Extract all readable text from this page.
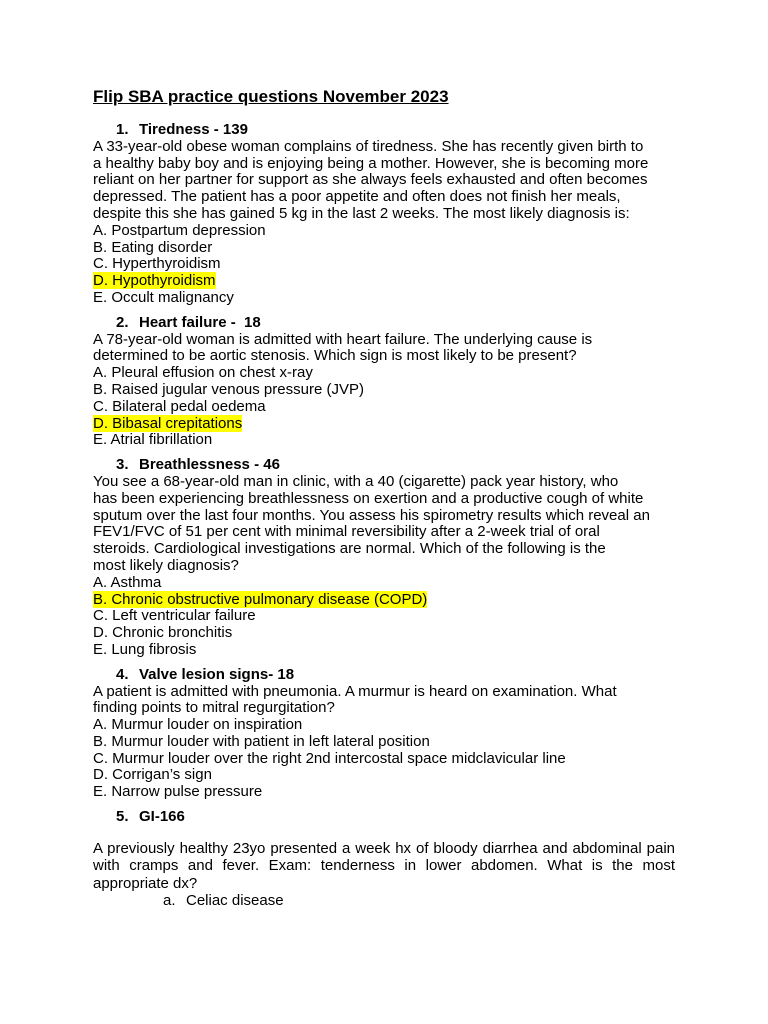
Flip SBA practice questions November 2023
1. Tiredness - 139
A 33-year-old obese woman complains of tiredness. She has recently given birth to
a healthy baby boy and is enjoying being a mother. However, she is becoming more
reliant on her partner for support as she always feels exhausted and often becomes
depressed. The patient has a poor appetite and often does not finish her meals,
despite this she has gained 5 kg in the last 2 weeks. The most likely diagnosis is:
A. Postpartum depression
B. Eating disorder
C. Hyperthyroidism
D. Hypothyroidism
E. Occult malignancy
2. Heart failure -  18
A 78-year-old woman is admitted with heart failure. The underlying cause is
determined to be aortic stenosis. Which sign is most likely to be present?
A. Pleural effusion on chest x-ray
B. Raised jugular venous pressure (JVP)
C. Bilateral pedal oedema
D. Bibasal crepitations
E. Atrial fibrillation
3. Breathlessness - 46
You see a 68-year-old man in clinic, with a 40 (cigarette) pack year history, who
has been experiencing breathlessness on exertion and a productive cough of white
sputum over the last four months. You assess his spirometry results which reveal an
FEV1/FVC of 51 per cent with minimal reversibility after a 2-week trial of oral
steroids. Cardiological investigations are normal. Which of the following is the
most likely diagnosis?
A. Asthma
B. Chronic obstructive pulmonary disease (COPD)
C. Left ventricular failure
D. Chronic bronchitis
E. Lung fibrosis
4. Valve lesion signs- 18
A patient is admitted with pneumonia. A murmur is heard on examination. What
finding points to mitral regurgitation?
A. Murmur louder on inspiration
B. Murmur louder with patient in left lateral position
C. Murmur louder over the right 2nd intercostal space midclavicular line
D. Corrigan’s sign
E. Narrow pulse pressure
5. GI-166
A previously healthy 23yo presented a week hx of bloody diarrhea and abdominal pain with cramps and fever. Exam: tenderness in lower abdomen. What is the most appropriate dx?
a. Celiac disease
